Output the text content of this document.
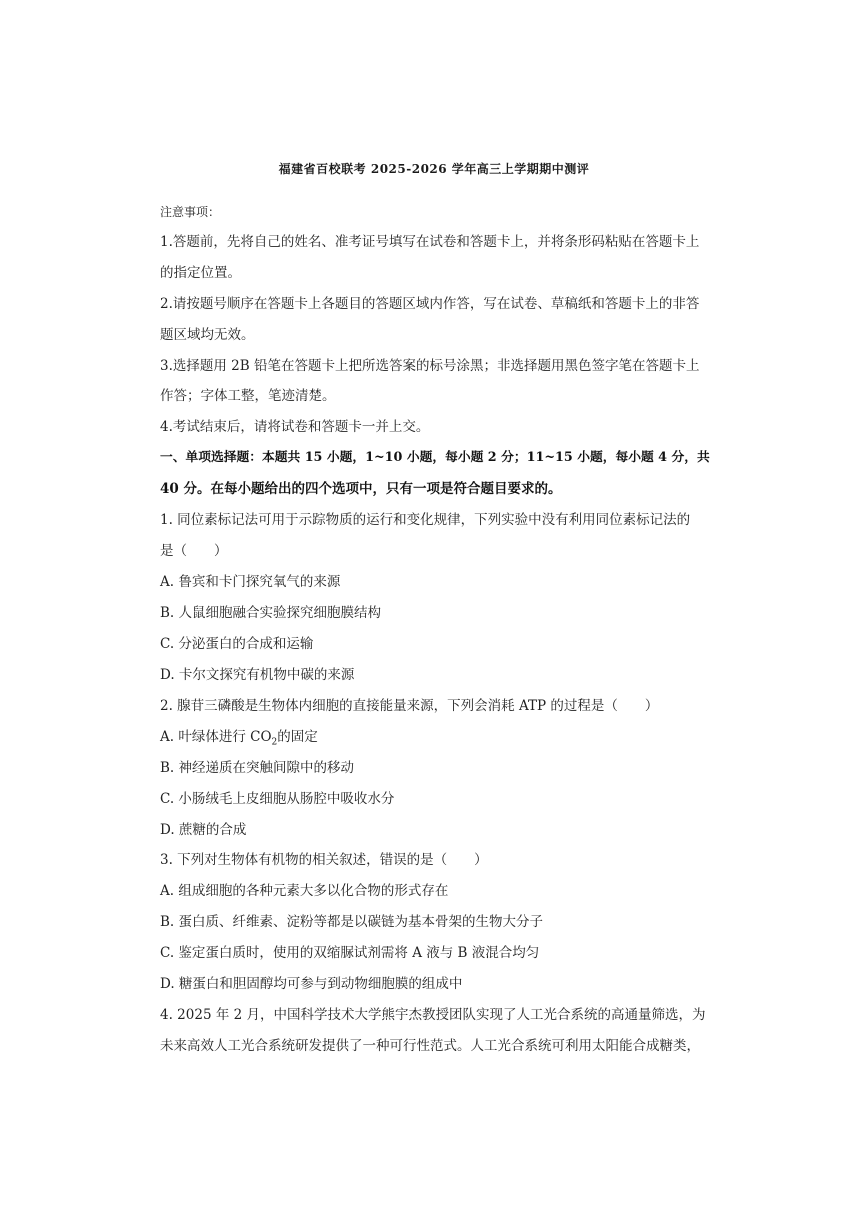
福建省百校联考 2025-2026 学年高三上学期期中测评
注意事项：
1.答题前，先将自己的姓名、准考证号填写在试卷和答题卡上，并将条形码粘贴在答题卡上
的指定位置。
2.请按题号顺序在答题卡上各题目的答题区域内作答，写在试卷、草稿纸和答题卡上的非答
题区域均无效。
3.选择题用 2B 铅笔在答题卡上把所选答案的标号涂黑；非选择题用黑色签字笔在答题卡上
作答；字体工整，笔迹清楚。
4.考试结束后，请将试卷和答题卡一并上交。
一、单项选择题：本题共 15 小题，1~10 小题，每小题 2 分；11~15 小题，每小题 4 分，共
40 分。在每小题给出的四个选项中，只有一项是符合题目要求的。
1. 同位素标记法可用于示踪物质的运行和变化规律，下列实验中没有利用同位素标记法的
是（　　）
A. 鲁宾和卡门探究氧气的来源
B. 人鼠细胞融合实验探究细胞膜结构
C. 分泌蛋白的合成和运输
D. 卡尔文探究有机物中碳的来源
2. 腺苷三磷酸是生物体内细胞的直接能量来源，下列会消耗 ATP 的过程是（　　）
A. 叶绿体进行 $CO_2$的固定
B. 神经递质在突触间隙中的移动
C. 小肠绒毛上皮细胞从肠腔中吸收水分
D. 蔗糖的合成
3. 下列对生物体有机物的相关叙述，错误的是（　　）
A. 组成细胞的各种元素大多以化合物的形式存在
B. 蛋白质、纤维素、淀粉等都是以碳链为基本骨架的生物大分子
C. 鉴定蛋白质时，使用的双缩脲试剂需将 A 液与 B 液混合均匀
D. 糖蛋白和胆固醇均可参与到动物细胞膜的组成中
4. 2025 年 2 月，中国科学技术大学熊宇杰教授团队实现了人工光合系统的高通量筛选，为
未来高效人工光合系统研发提供了一种可行性范式。人工光合系统可利用太阳能合成糖类，
